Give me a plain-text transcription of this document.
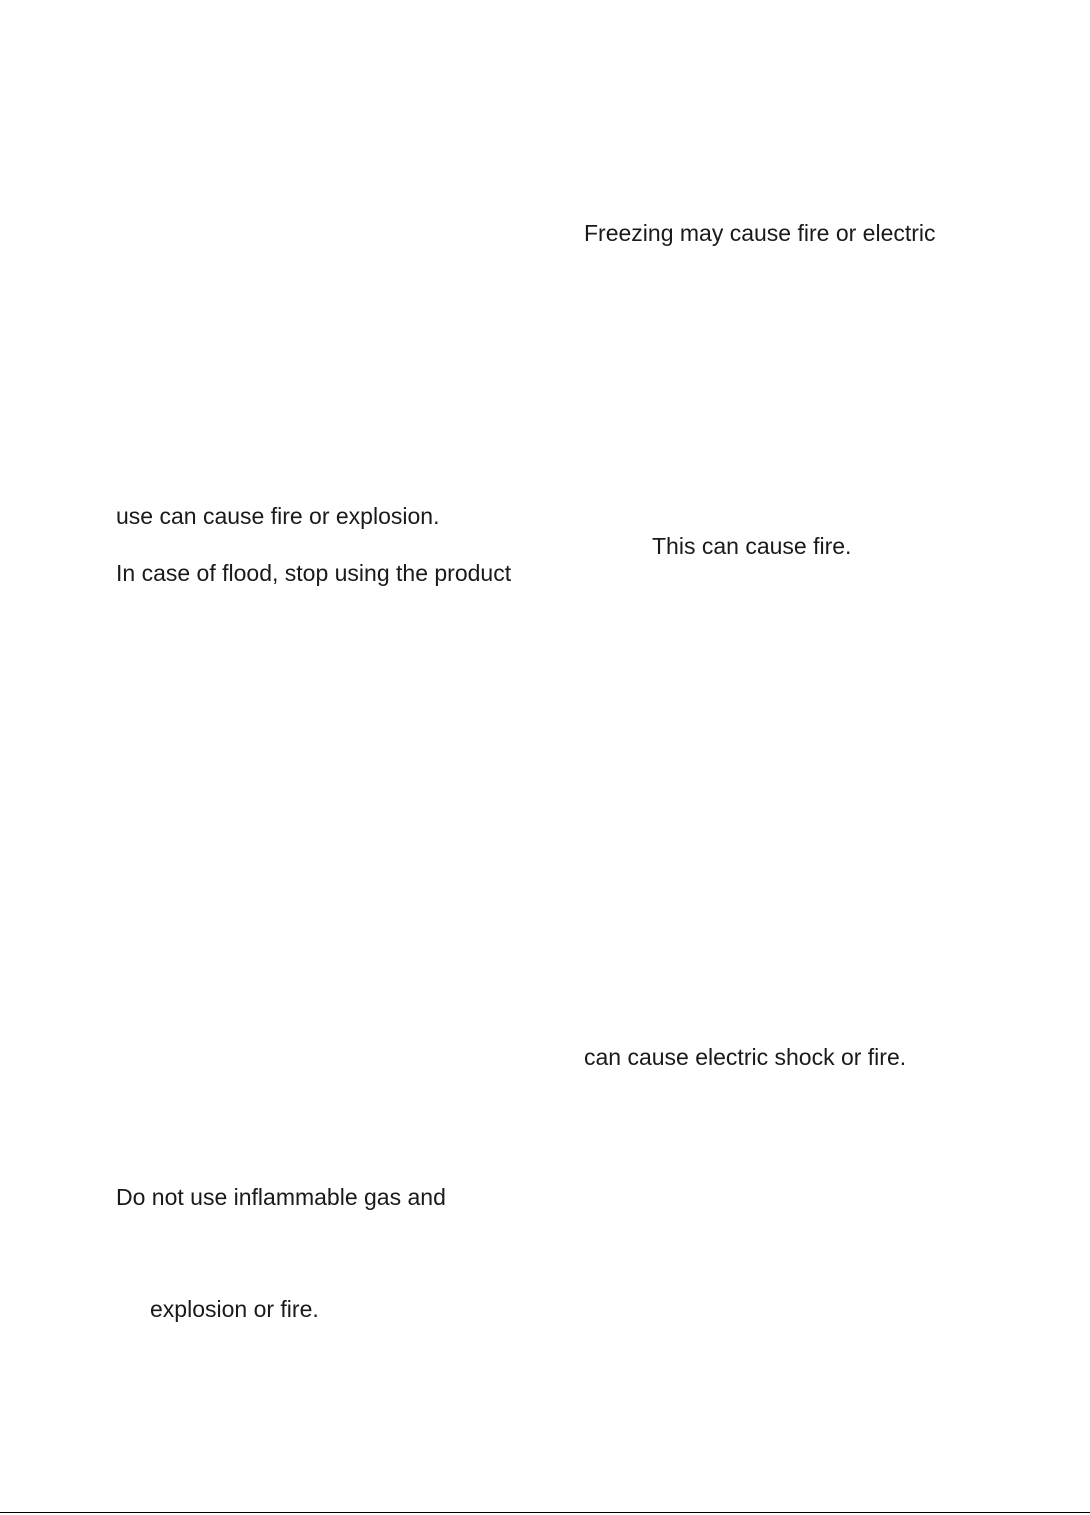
Freezing may cause fire or electric
use can cause fire or explosion.
This can cause fire.
In case of flood, stop using the product
can cause electric shock or fire.
Do not use inflammable gas and
explosion or fire.
